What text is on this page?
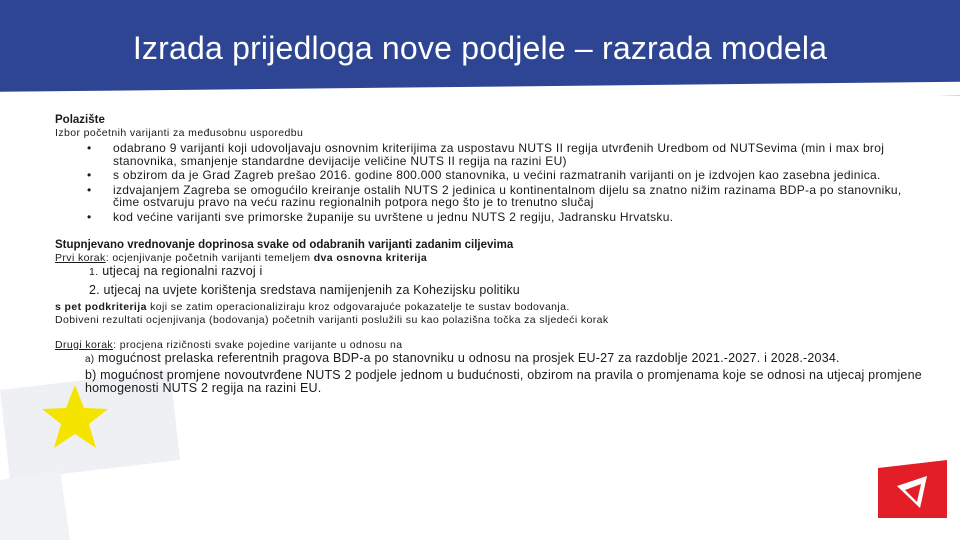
Izrada prijedloga nove podjele – razrada modela
Polazište
Izbor početnih varijanti za međusobnu usporedbu
• odabrano 9 varijanti koji udovoljavaju osnovnim kriterijima za uspostavu NUTS II regija utvrđenih Uredbom od NUTSevima (min i max broj stanovnika, smanjenje standardne devijacije veličine NUTS II regija na razini EU)
• s obzirom da je Grad Zagreb prešao 2016. godine 800.000 stanovnika, u većini razmatranih varijanti on je izdvojen kao zasebna jedinica.
• izdvajanjem Zagreba se omogućilo kreiranje ostalih NUTS 2 jedinica u kontinentalnom dijelu sa znatno nižim razinama BDP-a po stanovniku, čime ostvaruju pravo na veću razinu regionalnih potpora nego što je to trenutno slučaj
• kod većine varijanti sve primorske županije su uvrštene u jednu NUTS 2 regiju, Jadransku Hrvatsku.
Stupnjevano vrednovanje doprinosa svake od odabranih varijanti zadanim ciljevima
Prvi korak: ocjenjivanje početnih varijanti temeljem dva osnovna kriterija
1. utjecaj na regionalni razvoj i
2. utjecaj na uvjete korištenja sredstava namijenjenih za Kohezijsku politiku
s pet podkriterija koji se zatim operacionaliziraju kroz odgovarajuće pokazatelje te sustav bodovanja.
Dobiveni rezultati ocjenjivanja (bodovanja) početnih varijanti poslužili su kao polazišna točka za sljedeći korak
Drugi korak: procjena rizičnosti svake pojedine varijante u odnosu na
a) mogućnost prelaska referentnih pragova BDP-a po stanovniku u odnosu na prosjek EU-27 za razdoblje 2021.-2027. i 2028.-2034.
b) mogućnost promjene novoutvrđene NUTS 2 podjele jednom u budućnosti, obzirom na pravila o promjenama koje se odnosi na utjecaj promjene homogenosti NUTS 2 regija na razini EU.
